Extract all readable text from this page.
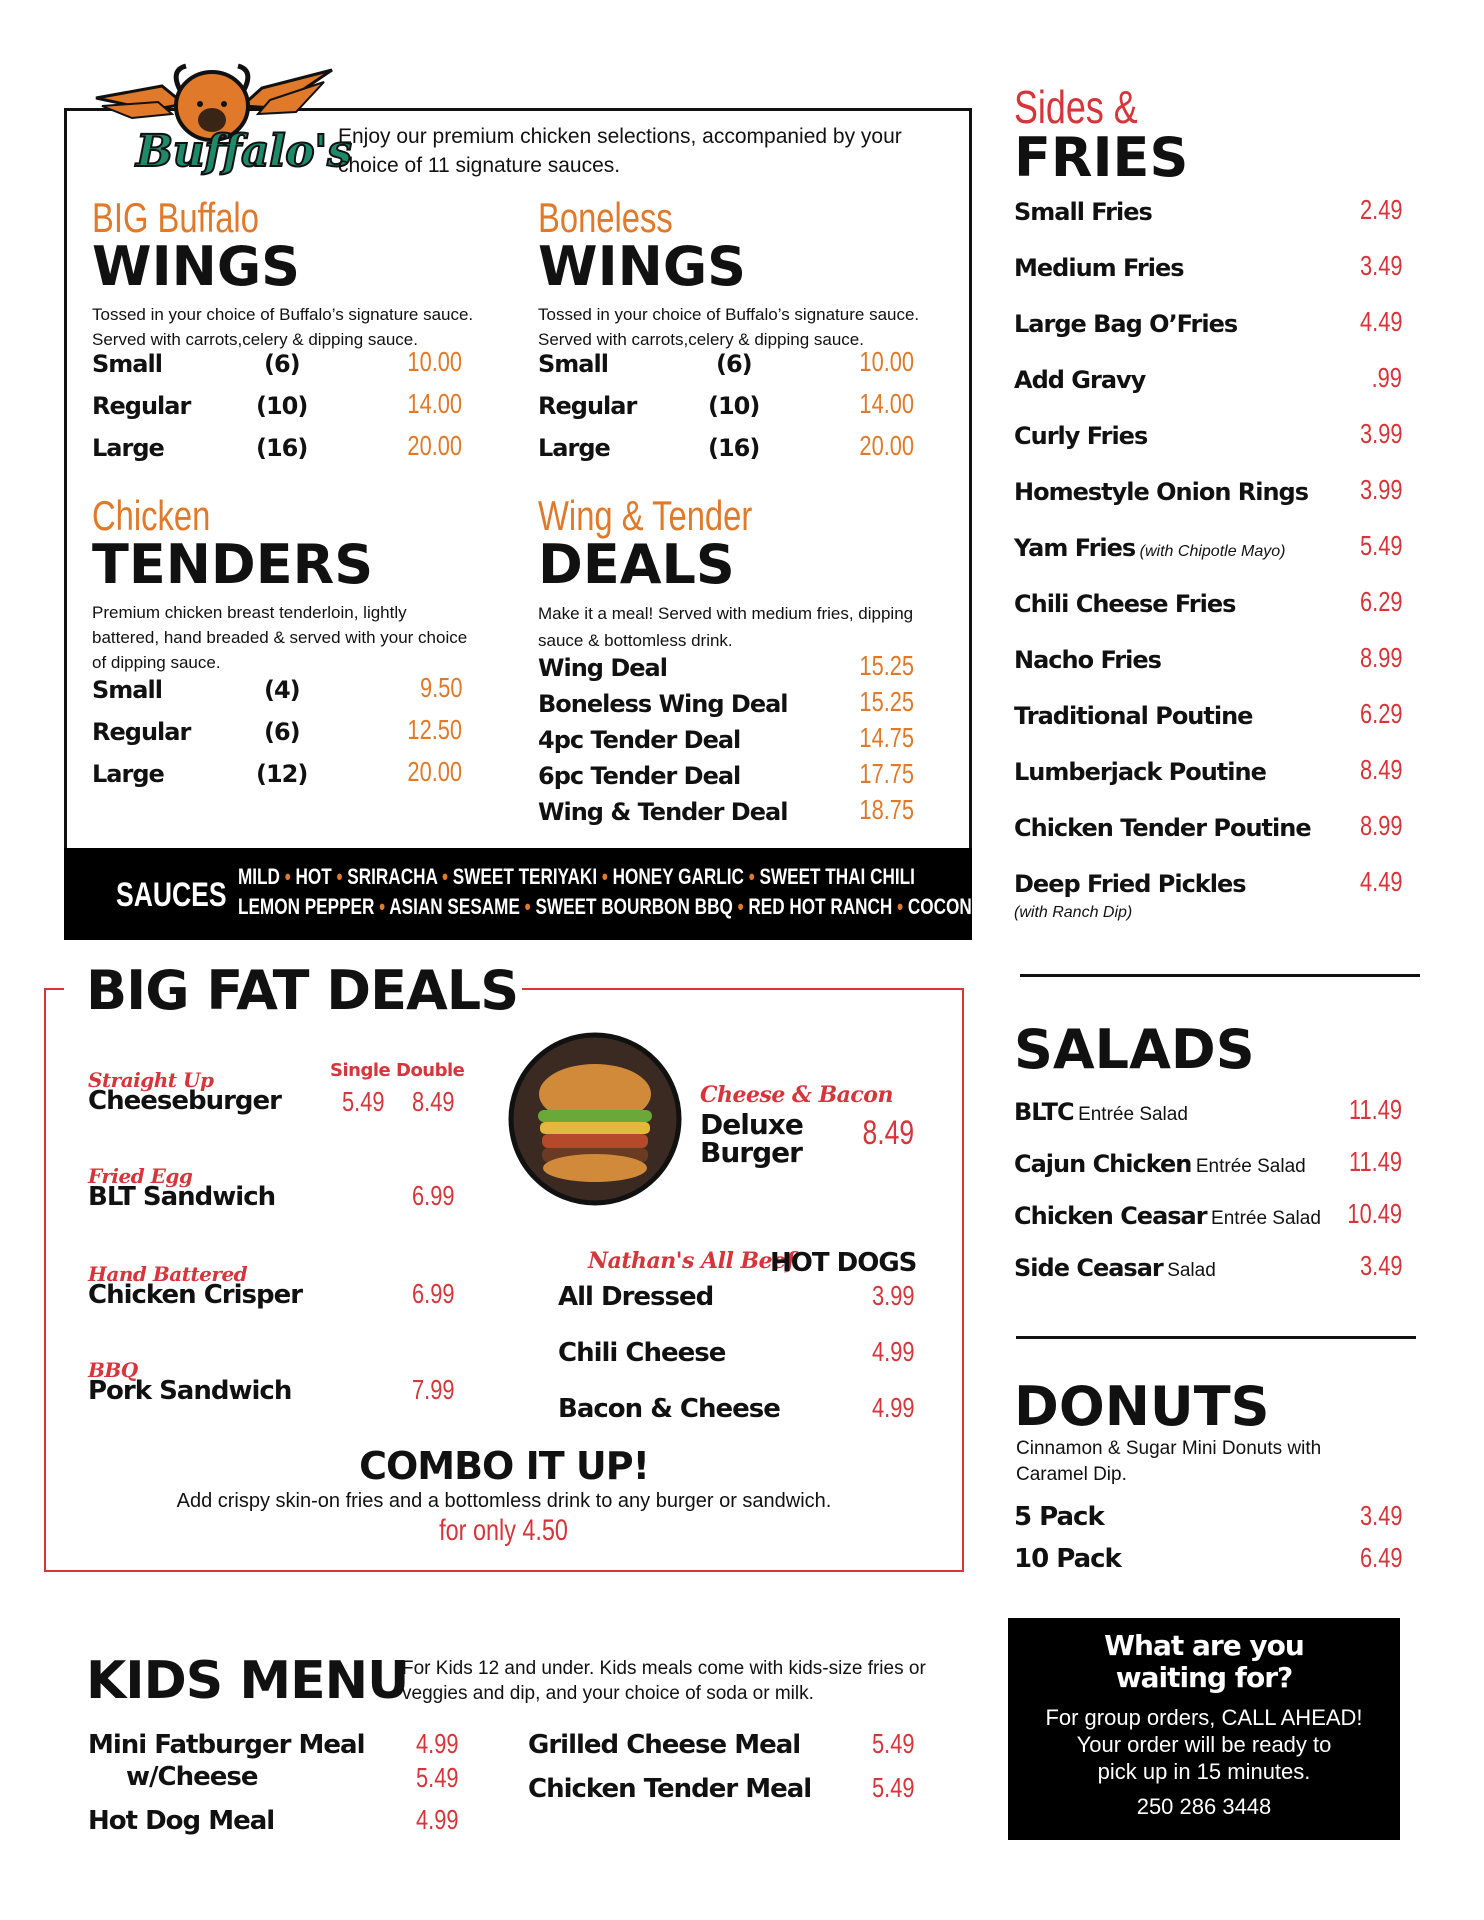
Buffalo's
Enjoy our premium chicken selections, accompanied by your choice of 11 signature sauces.
BIG Buffalo
WINGS
Tossed in your choice of Buffalo’s signature sauce. Served with carrots,celery & dipping sauce.
Small	(6)	10.00
Regular	(10)	14.00
Large	(16)	20.00
Boneless
WINGS
Tossed in your choice of Buffalo’s signature sauce. Served with carrots,celery & dipping sauce.
Small	(6)	10.00
Regular	(10)	14.00
Large	(16)	20.00
Chicken
TENDERS
Premium chicken breast tenderloin, lightly battered, hand breaded & served with your choice of dipping sauce.
Small	(4)	9.50
Regular	(6)	12.50
Large	(12)	20.00
Wing & Tender
DEALS
Make it a meal! Served with medium fries, dipping sauce & bottomless drink.
Wing Deal	15.25
Boneless Wing Deal	15.25
4pc Tender Deal	14.75
6pc Tender Deal	17.75
Wing & Tender Deal	18.75
SAUCES MILD • HOT • SRIRACHA • SWEET TERIYAKI • HONEY GARLIC • SWEET THAI CHILI
LEMON PEPPER • ASIAN SESAME • SWEET BOURBON BBQ • RED HOT RANCH • COCONUT JERK
BIG FAT DEALS
Single Double
Straight Up
Cheeseburger	5.49 8.49
Fried Egg
BLT Sandwich	6.99
Hand Battered
Chicken Crisper	6.99
BBQ
Pork Sandwich	7.99
Cheese & Bacon
Deluxe
Burger
8.49
Nathan's All Beef
HOT DOGS
All Dressed	3.99
Chili Cheese	4.99
Bacon & Cheese	4.99
COMBO IT UP!
Add crispy skin-on fries and a bottomless drink to any burger or sandwich.
for only 4.50
KIDS MENU
For Kids 12 and under. Kids meals come with kids-size fries or veggies and dip, and your choice of soda or milk.
Mini Fatburger Meal	4.99
w/Cheese	5.49
Hot Dog Meal	4.99
Grilled Cheese Meal	5.49
Chicken Tender Meal	5.49
Sides &
FRIES
Small Fries	2.49
Medium Fries	3.49
Large Bag O’Fries	4.49
Add Gravy	.99
Curly Fries	3.99
Homestyle Onion Rings 3.99
Yam Fries (with Chipotle Mayo)	5.49
Chili Cheese Fries	6.29
Nacho Fries	8.99
Traditional Poutine	6.29
Lumberjack Poutine	8.49
Chicken Tender Poutine 8.99
Deep Fried Pickles
(with Ranch Dip)
4.49
SALADS
BLTC Entrée Salad	11.49
Cajun Chicken Entrée Salad 11.49
Chicken Ceasar Entrée Salad 10.49
Side Ceasar Salad	3.49
DONUTS
Cinnamon & Sugar Mini Donuts with Caramel Dip.
5 Pack	3.49
10 Pack	6.49
What are you
waiting for?
For group orders, CALL AHEAD!
Your order will be ready to
pick up in 15 minutes.
250 286 3448
